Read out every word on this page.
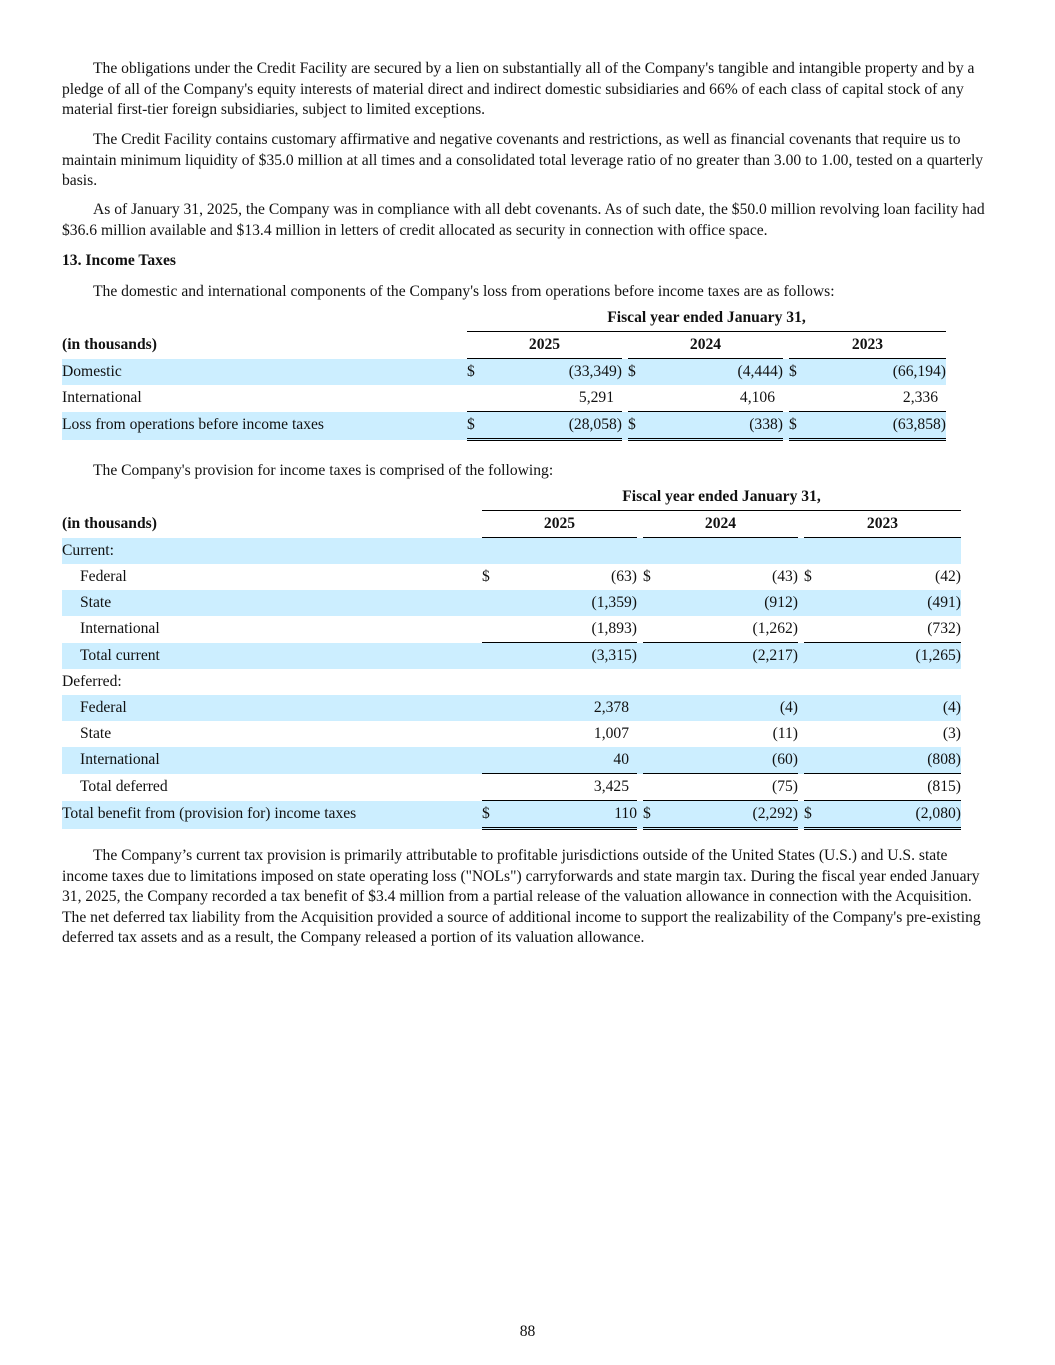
The obligations under the Credit Facility are secured by a lien on substantially all of the Company's tangible and intangible property and by a pledge of all of the Company's equity interests of material direct and indirect domestic subsidiaries and 66% of each class of capital stock of any material first-tier foreign subsidiaries, subject to limited exceptions.

The Credit Facility contains customary affirmative and negative covenants and restrictions, as well as financial covenants that require us to maintain minimum liquidity of $35.0 million at all times and a consolidated total leverage ratio of no greater than 3.00 to 1.00, tested on a quarterly basis.

As of January 31, 2025, the Company was in compliance with all debt covenants. As of such date, the $50.0 million revolving loan facility had $36.6 million available and $13.4 million in letters of credit allocated as security in connection with office space.

13. Income Taxes

The domestic and international components of the Company's loss from operations before income taxes are as follows:

		Fiscal year ended January 31,							
(in thousands)		2025			2024			2023	
Domestic		$	(33,349)		$	(4,444)		$	(66,194)
International			5,291			4,106			2,336
Loss from operations before income taxes		$	(28,058)		$	(338)		$	(63,858)

The Company's provision for income taxes is comprised of the following:

		Fiscal year ended January 31,							
(in thousands)		2025			2024			2023	
Current:									
Federal		$	(63)		$	(43)		$	(42)
State			(1,359)			(912)			(491)
International			(1,893)			(1,262)			(732)
Total current			(3,315)			(2,217)			(1,265)
Deferred:									
Federal			2,378			(4)			(4)
State			1,007			(11)			(3)
International			40			(60)			(808)
Total deferred			3,425			(75)			(815)
Total benefit from (provision for) income taxes		$	110		$	(2,292)		$	(2,080)

The Company’s current tax provision is primarily attributable to profitable jurisdictions outside of the United States (U.S.) and U.S. state income taxes due to limitations imposed on state operating loss ("NOLs") carryforwards and state margin tax. During the fiscal year ended January 31, 2025, the Company recorded a tax benefit of $3.4 million from a partial release of the valuation allowance in connection with the Acquisition. The net deferred tax liability from the Acquisition provided a source of additional income to support the realizability of the Company's pre-existing deferred tax assets and as a result, the Company released a portion of its valuation allowance.

88
